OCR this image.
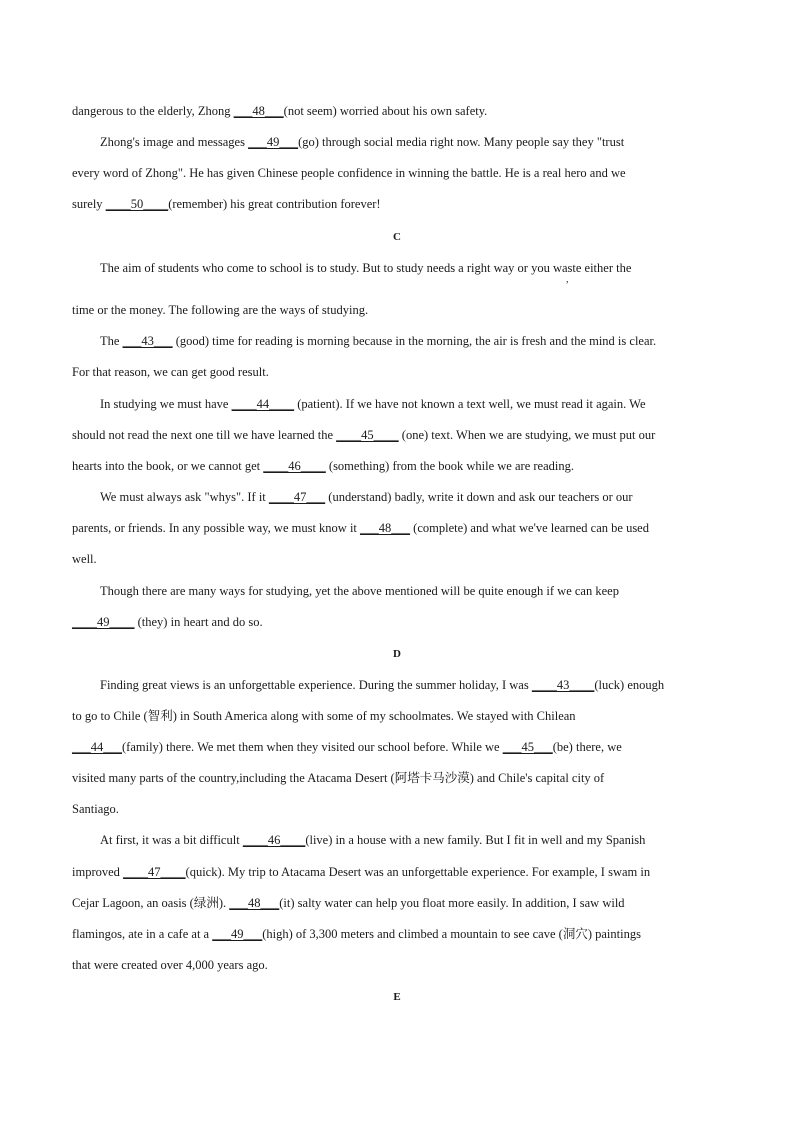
dangerous to the elderly, Zhong ___48___(not seem) worried about his own safety.
Zhong's image and messages ___49___(go) through social media right now. Many people say they "trust
every word of Zhong". He has given Chinese people confidence in winning the battle. He is a real hero and we
surely ____50____(remember) his great contribution forever!
C
The aim of students who come to school is to study. But to study needs a right way or you waste either the
,
time or the money. The following are the ways of studying.
The ___43___ (good) time for reading is morning because in the morning, the air is fresh and the mind is clear.
For that reason, we can get good result.
In studying we must have ____44____ (patient). If we have not known a text well, we must read it again. We
should not read the next one till we have learned the ____45____ (one) text. When we are studying, we must put our
hearts into the book, or we cannot get ____46____ (something) from the book while we are reading.
We must always ask "whys". If it ____47___ (understand) badly, write it down and ask our teachers or our
parents, or friends. In any possible way, we must know it ___48___ (complete) and what we've learned can be used
well.
Though there are many ways for studying, yet the above mentioned will be quite enough if we can keep
____49____ (they) in heart and do so.
D
Finding great views is an unforgettable experience. During the summer holiday, I was ____43____(luck) enough
to go to Chile (智利) in South America along with some of my schoolmates. We stayed with Chilean
___44___(family) there. We met them when they visited our school before. While we ___45___(be) there, we
visited many parts of the country,including the Atacama Desert (阿塔卡马沙漠) and Chile's capital city of
Santiago.
At first, it was a bit difficult ____46____(live) in a house with a new family. But I fit in well and my Spanish
improved ____47____(quick). My trip to Atacama Desert was an unforgettable experience. For example, I swam in
Cejar Lagoon, an oasis (绿洲). ___48___(it) salty water can help you float more easily. In addition, I saw wild
flamingos, ate in a cafe at a ___49___(high) of 3,300 meters and climbed a mountain to see cave (洞穴) paintings
that were created over 4,000 years ago.
E
